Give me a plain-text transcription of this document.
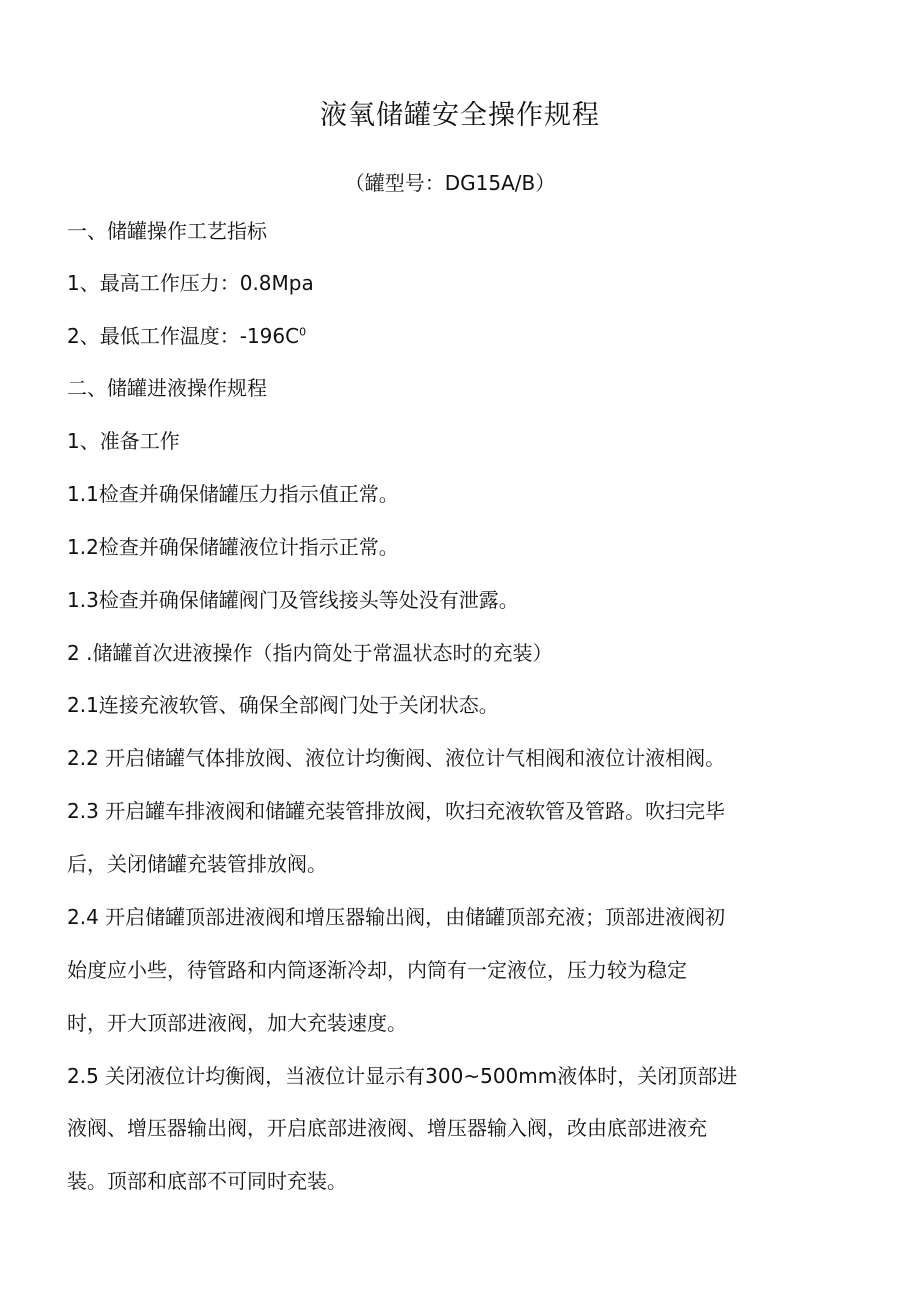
液氧储罐安全操作规程
（罐型号：DG15A/B）
一、储罐操作工艺指标
1、最高工作压力：0.8Mpa
2、最低工作温度：$-196C^0$
二、储罐进液操作规程
1、准备工作
1.1检查并确保储罐压力指示值正常。
1.2检查并确保储罐液位计指示正常。
1.3检查并确保储罐阀门及管线接头等处没有泄露。
2 .储罐首次进液操作（指内筒处于常温状态时的充装）
2.1连接充液软管、确保全部阀门处于关闭状态。
2.2 开启储罐气体排放阀、液位计均衡阀、液位计气相阀和液位计液相阀。
2.3 开启罐车排液阀和储罐充装管排放阀，吹扫充液软管及管路。吹扫完毕
后，关闭储罐充装管排放阀。
2.4 开启储罐顶部进液阀和增压器输出阀，由储罐顶部充液；顶部进液阀初
始度应小些，待管路和内筒逐渐冷却，内筒有一定液位，压力较为稳定
时，开大顶部进液阀，加大充装速度。
2.5 关闭液位计均衡阀，当液位计显示有300~500mm液体时，关闭顶部进
液阀、增压器输出阀，开启底部进液阀、增压器输入阀，改由底部进液充
装。顶部和底部不可同时充装。
